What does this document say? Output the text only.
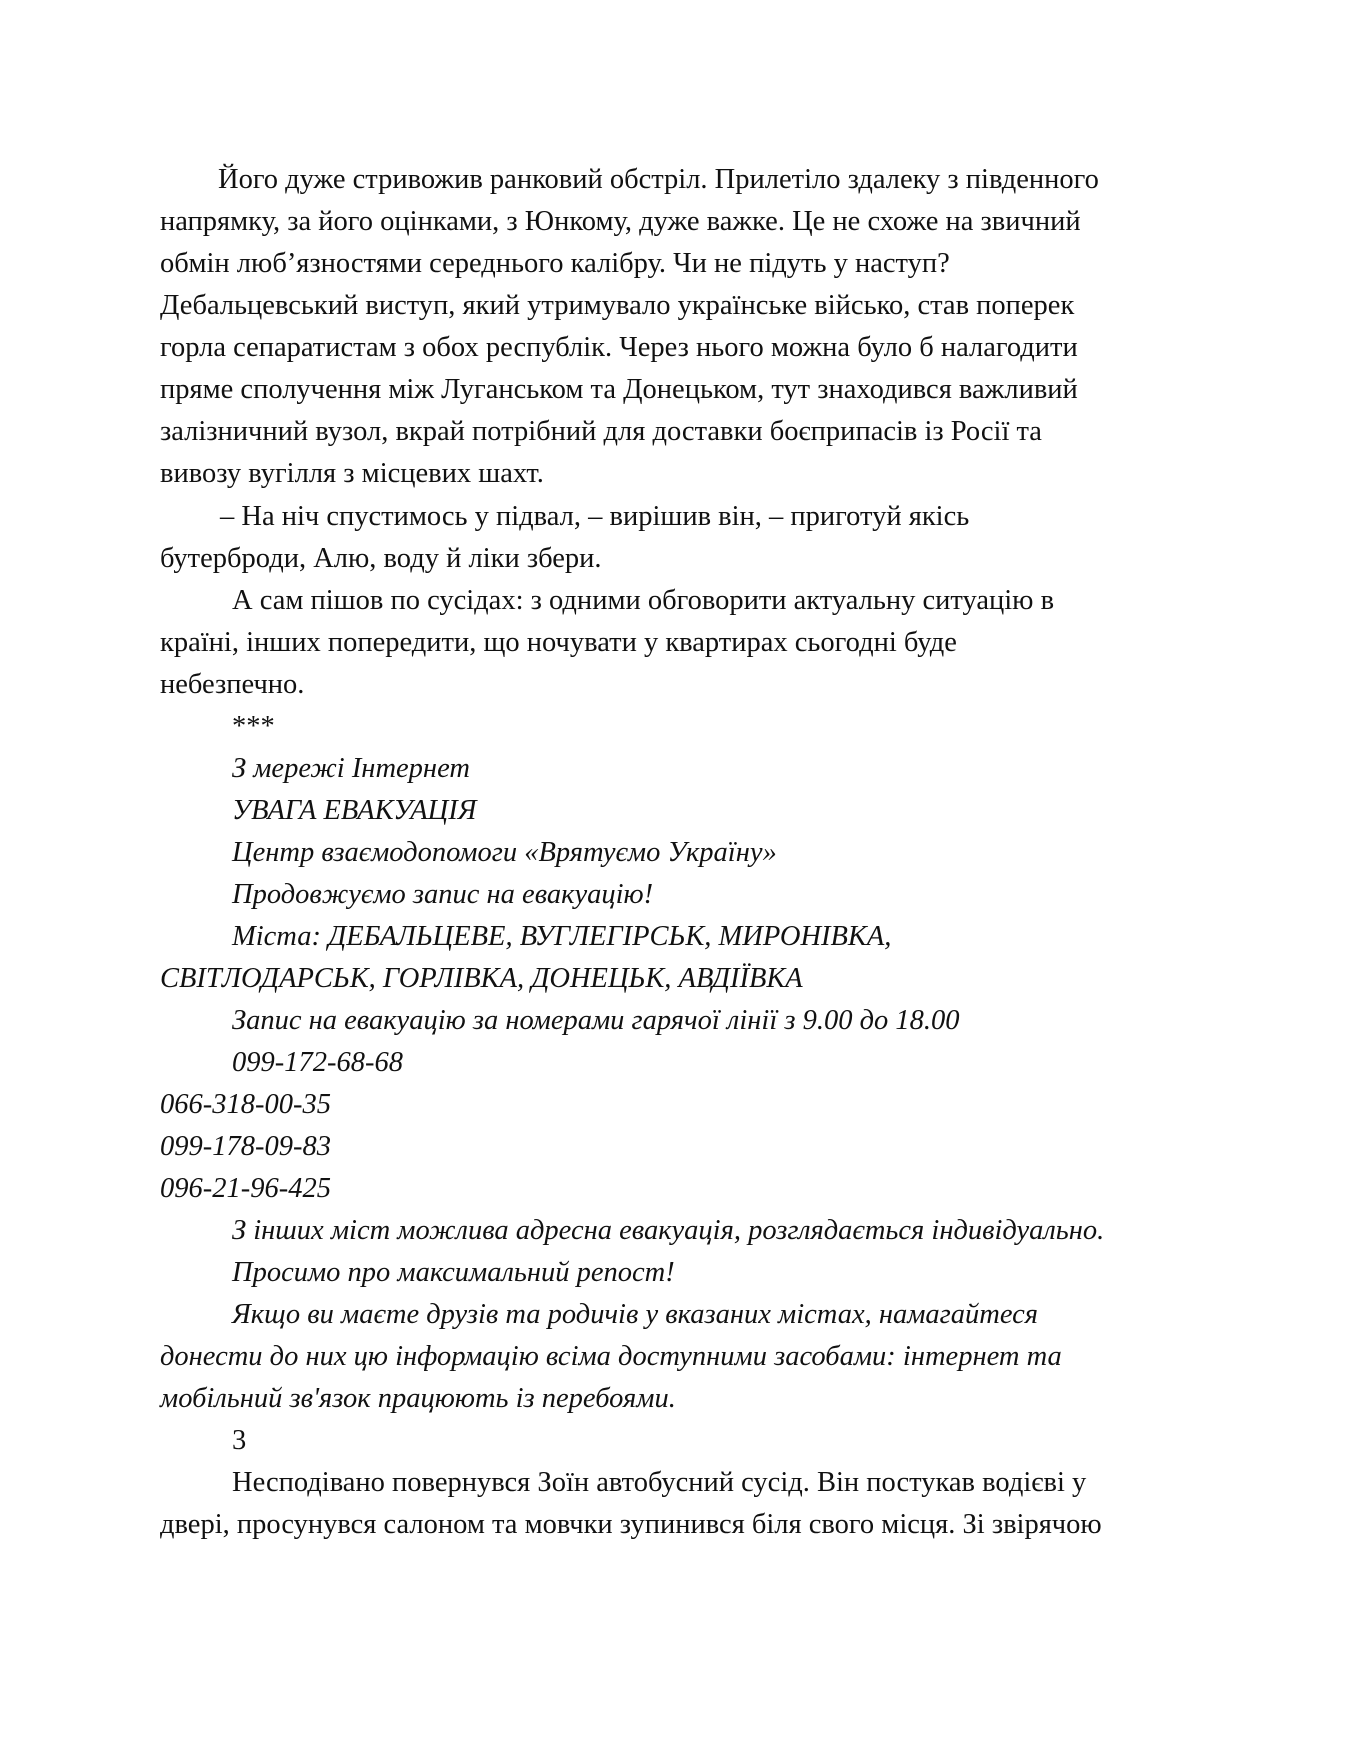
Його дуже стривожив ранковий обстріл. Прилетіло здалеку з південного
напрямку, за його оцінками, з Юнкому, дуже важке. Це не схоже на звичний
обмін люб’язностями середнього калібру. Чи не підуть у наступ?
Дебальцевський виступ, який утримувало українське військо, став поперек
горла сепаратистам з обох республік. Через нього можна було б налагодити
пряме сполучення між Луганськом та Донецьком, тут знаходився важливий
залізничний вузол, вкрай потрібний для доставки боєприпасів із Росії та
вивозу вугілля з місцевих шахт.
– На ніч спустимось у підвал, – вирішив він, – приготуй якісь
бутерброди, Алю, воду й ліки збери.
А сам пішов по сусідах: з одними обговорити актуальну ситуацію в
країні, інших попередити, що ночувати у квартирах сьогодні буде
небезпечно.
***
З мережі Інтернет
УВАГА ЕВАКУАЦІЯ
Центр взаємодопомоги «Врятуємо Україну»
Продовжуємо запис на евакуацію!
Міста: ДЕБАЛЬЦЕВЕ, ВУГЛЕГІРСЬК, МИРОНІВКА,
СВІТЛОДАРСЬК, ГОРЛІВКА, ДОНЕЦЬК, АВДІЇВКА
Запис на евакуацію за номерами гарячої лінії з 9.00 до 18.00
099-172-68-68
066-318-00-35
099-178-09-83
096-21-96-425
З інших міст можлива адресна евакуація, розглядається індивідуально.
Просимо про максимальний репост!
Якщо ви маєте друзів та родичів у вказаних містах, намагайтеся
донести до них цю інформацію всіма доступними засобами: інтернет та
мобільний зв'язок працюють із перебоями.
3
Несподівано повернувся Зоїн автобусний сусід. Він постукав водієві у
двері, просунувся салоном та мовчки зупинився біля свого місця. Зі звірячою
